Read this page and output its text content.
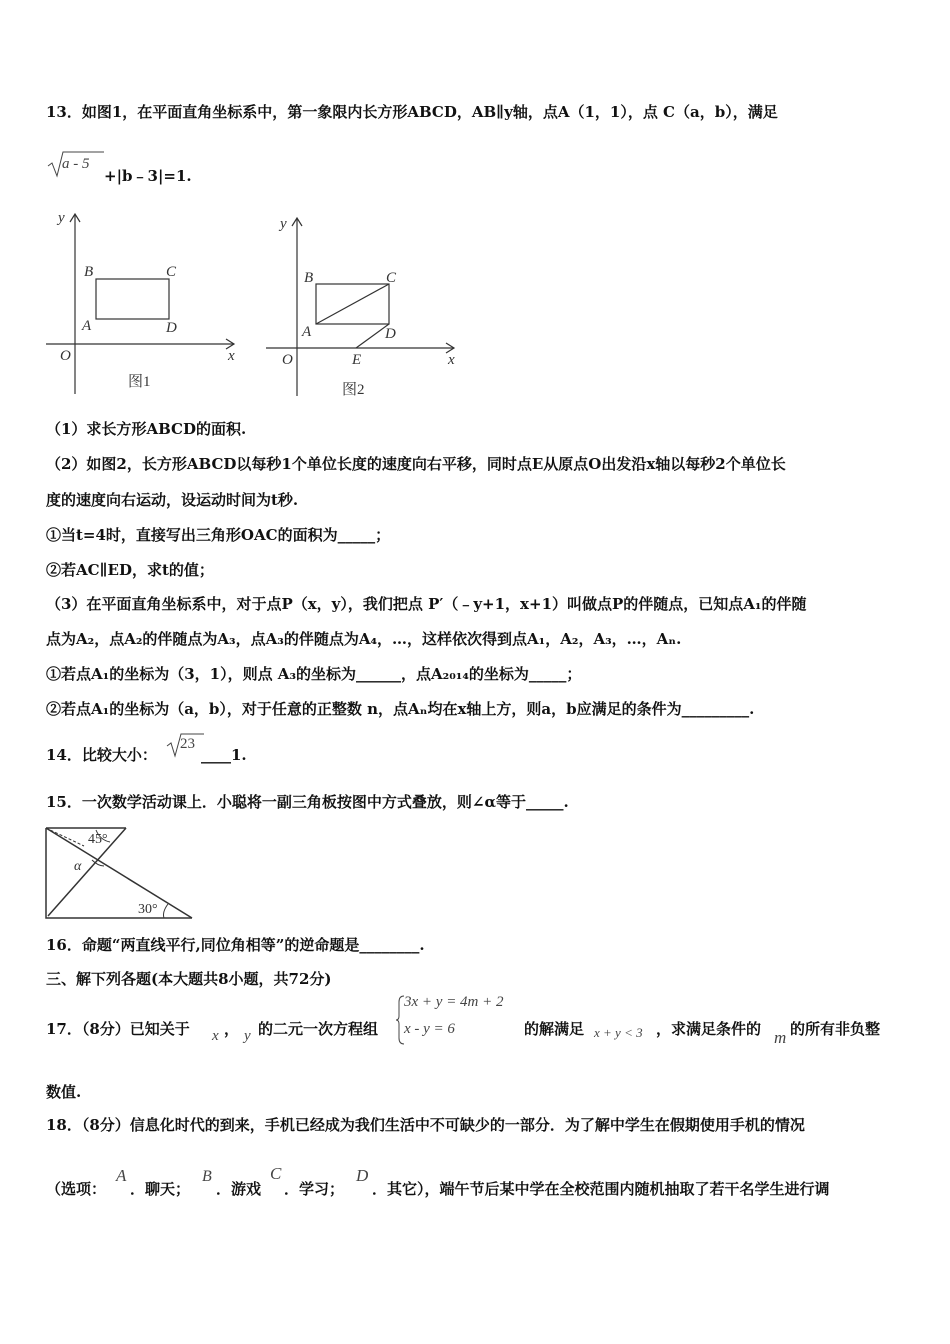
13．如图1，在平面直角坐标系中，第一象限内长方形ABCD，AB∥y轴，点A（1，1），点 C（a，b），满足
a - 5
+|b﹣3|=1.
y
x
O
A
B	C
D
图1
y
x
O
A
B	C
D
E
图2
（1）求长方形ABCD的面积.
（2）如图2，长方形ABCD以每秒1个单位长度的速度向右平移，同时点E从原点O出发沿x轴以每秒2个单位长
度的速度向右运动，设运动时间为t秒.
①当t=4时，直接写出三角形OAC的面积为_____；
②若AC∥ED，求t的值；
（3）在平面直角坐标系中，对于点P（x，y），我们把点 P′（﹣y+1，x+1）叫做点P的伴随点，已知点A₁的伴随
点为A₂，点A₂的伴随点为A₃，点A₃的伴随点为A₄，…，这样依次得到点A₁，A₂，A₃，…，Aₙ.
①若点A₁的坐标为（3，1），则点 A₃的坐标为______，点A₂₀₁₄的坐标为_____；
②若点A₁的坐标为（a，b），对于任意的正整数 n，点Aₙ均在x轴上方，则a，b应满足的条件为_________.
14．比较大小：
23
____1.
15．一次数学活动课上．小聪将一副三角板按图中方式叠放，则∠α等于_____.
45°
α
30°
16．命题“两直线平行,同位角相等”的逆命题是________.
三、解下列各题(本大题共8小题，共72分)
17．（8分）已知关于 x ， y 的二元一次方程组
3x + y = 4m + 2
x - y = 6	的解满足 x + y < 3 ，求满足条件的 m 的所有非负整
数值.
18．（8分）信息化时代的到来，手机已经成为我们生活中不可缺少的一部分．为了解中学生在假期使用手机的情况
（选项：
A
．聊天；
B
．游戏
C
．学习；
D
．其它），端午节后某中学在全校范围内随机抽取了若干名学生进行调
